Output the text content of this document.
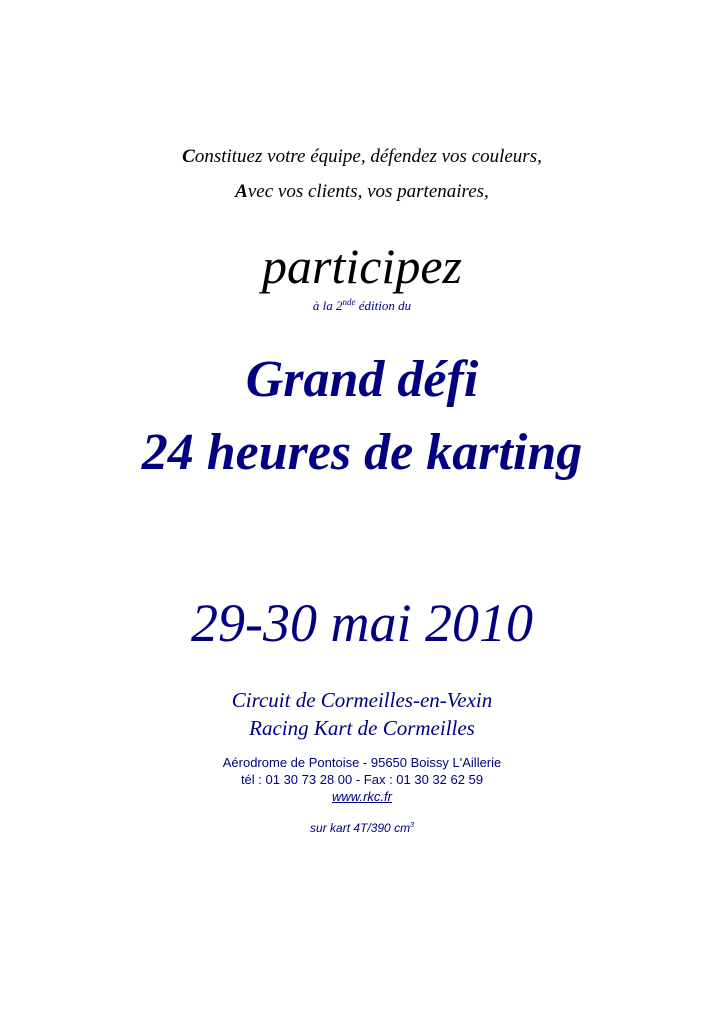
Constituez votre équipe, défendez vos couleurs,

Avec vos clients, vos partenaires,

participez

à la 2nde édition du

Grand défi

24 heures de karting

29-30 mai 2010

Circuit de Cormeilles-en-Vexin

Racing Kart de Cormeilles

Aérodrome de Pontoise - 95650 Boissy L'Aillerie

tél : 01 30 73 28 00 - Fax : 01 30 32 62 59

www.rkc.fr

sur kart 4T/390 $cm^3$
